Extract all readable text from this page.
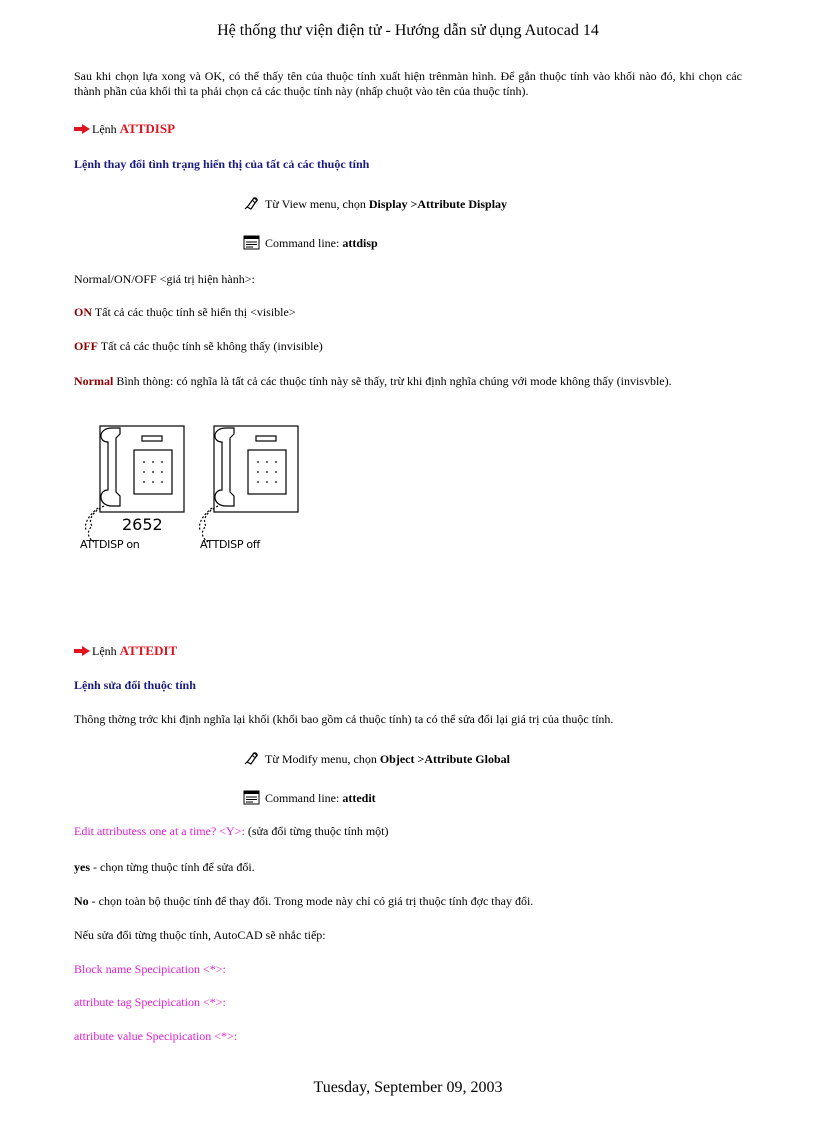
Hệ thống thư viện điện tử - Hướng dẫn sử dụng Autocad 14
Sau khi chọn lựa xong và OK, có thể thấy tên của thuộc tính xuất hiện trênmàn hình. Để gắn thuộc tính vào khối nào đó, khi chọn các thành phần của khối thì ta phải chọn cả các thuộc tính này (nhấp chuột vào tên của thuộc tính).
Lệnh ATTDISP
Lệnh thay đổi tình trạng hiển thị của tất cả các thuộc tính
Từ View menu, chọn Display >Attribute Display
Command line: attdisp
Normal/ON/OFF <giá trị hiện hành>:
ON Tất cả các thuộc tính sẽ hiển thị <visible>
OFF Tất cả các thuộc tính sẽ không thấy (invisible)
Normal Bình thòng: có nghĩa là tất cả các thuộc tính này sẽ thấy, trừ khi định nghĩa chúng với mode không thấy (invisvble).
2652
ATTDISP on	ATTDISP off
Lệnh ATTEDIT
Lệnh sửa đổi thuộc tính
Thông thờng trớc khi định nghĩa lại khối (khối bao gồm cả thuộc tính) ta có thể sửa đổi lại giá trị của thuộc tính.
Từ Modify menu, chọn Object >Attribute Global
Command line: attedit
Edit attributess one at a time? <Y>: (sửa đổi từng thuộc tính một)
yes - chọn từng thuộc tính để sửa đổi.
No - chọn toàn bộ thuộc tính để thay đổi. Trong mode này chỉ có giá trị thuộc tính đợc thay đổi.
Nếu sửa đổi từng thuộc tính, AutoCAD sẽ nhắc tiếp:
Block name Specipication <*>:
attribute tag Specipication <*>:
attribute value Specipication <*>:
Tuesday, September 09, 2003
